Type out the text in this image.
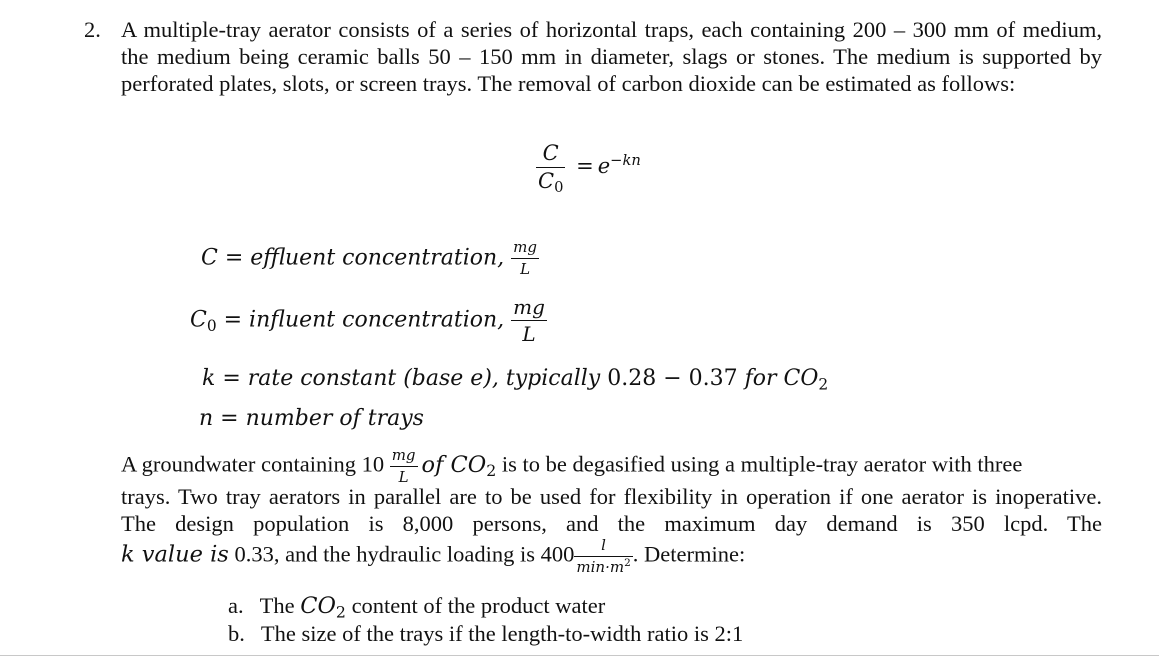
2. A multiple-tray aerator consists of a series of horizontal traps, each containing 200 – 300 mm of medium, the medium being ceramic balls 50 – 150 mm in diameter, slags or stones. The medium is supported by perforated plates, slots, or screen trays. The removal of carbon dioxide can be estimated as follows:
$\frac{C}{C_0} = e^{-kn}$
C = effluent concentration, $\frac{mg}{L}$
$C_0$ = influent concentration, $\frac{mg}{L}$
k = rate constant (base e), typically 0.28 − 0.37 for $CO_2$
n = number of trays
A groundwater containing $10 \frac{mg}{L}$ of $CO_2$ is to be degasified using a multiple-tray aerator with three
trays. Two tray aerators in parallel are to be used for flexibility in operation if one aerator is inoperative.
The design population is 8,000 persons, and the maximum day demand is 350 lcpd. The
k value is 0.33, and the hydraulic loading is $400 \frac{l}{\min\cdot m^2}$ . Determine:
a. The $CO_2$ content of the product water
b. The size of the trays if the length-to-width ratio is 2:1
